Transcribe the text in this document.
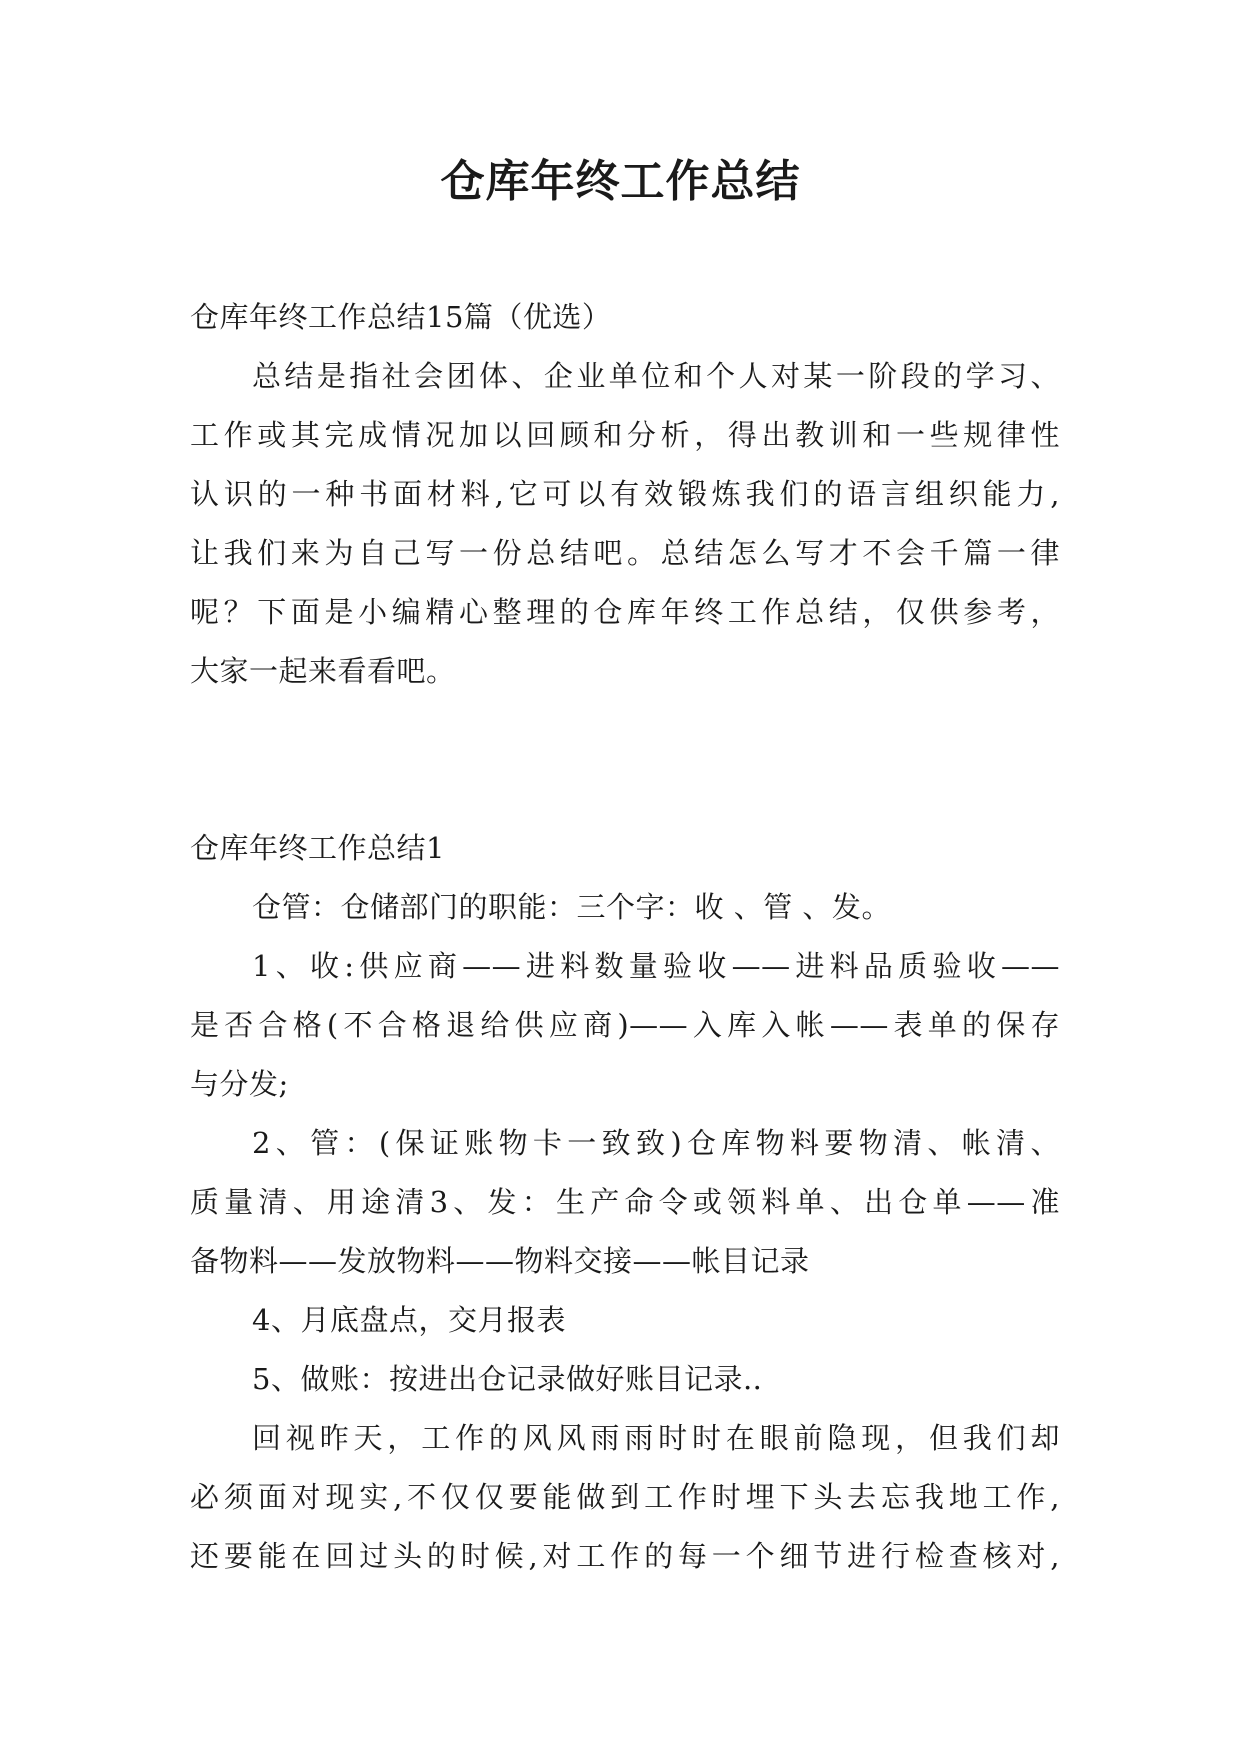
仓库年终工作总结

仓库年终工作总结15篇（优选）

总结是指社会团体、企业单位和个人对某一阶段的学习、

工作或其完成情况加以回顾和分析，得出教训和一些规律性

认识的一种书面材料,它可以有效锻炼我们的语言组织能力,

让我们来为自己写一份总结吧。总结怎么写才不会千篇一律

呢？下面是小编精心整理的仓库年终工作总结，仅供参考，

大家一起来看看吧。

仓库年终工作总结1

仓管：仓储部门的职能：三个字：收 、管 、发。

1、收:供应商——进料数量验收——进料品质验收——

是否合格(不合格退给供应商)——入库入帐——表单的保存

与分发;

2、管：(保证账物卡一致致)仓库物料要物清、帐清、

质量清、用途清3、发：生产命令或领料单、出仓单——准

备物料——发放物料——物料交接——帐目记录

4、月底盘点，交月报表

5、做账：按进出仓记录做好账目记录..

回视昨天，工作的风风雨雨时时在眼前隐现，但我们却

必须面对现实,不仅仅要能做到工作时埋下头去忘我地工作,

还要能在回过头的时候,对工作的每一个细节进行检查核对,
